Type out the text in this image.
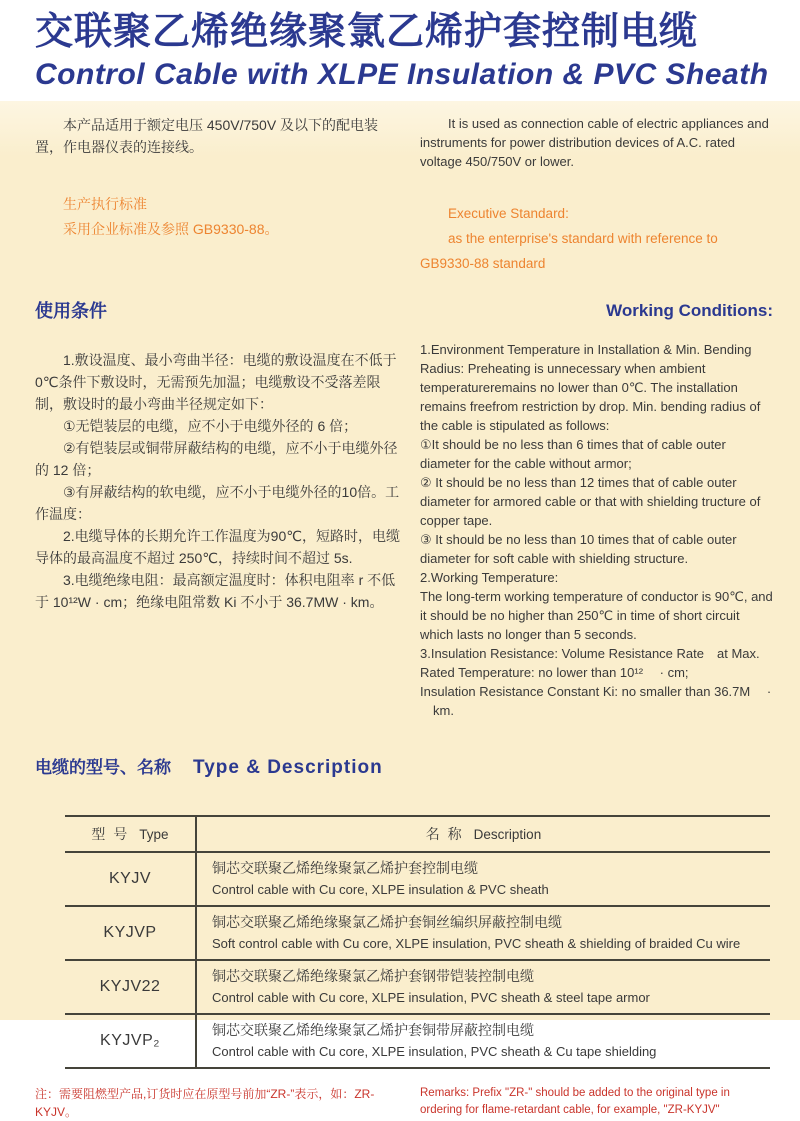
交联聚乙烯绝缘聚氯乙烯护套控制电缆
Control Cable with XLPE Insulation & PVC Sheath

本产品适用于额定电压 450V/750V 及以下的配电装置，作电器仪表的连接线。

生产执行标准

采用企业标准及参照 GB9330-88。

It is used as connection cable of electric appliances and instruments for power distribution devices of A.C. rated voltage 450/750V or lower.

Executive Standard:

as the enterprise's standard with reference to GB9330-88 standard

使用条件

1.敷设温度、最小弯曲半径：电缆的敷设温度在不低于0℃条件下敷设时，无需预先加温；电缆敷设不受落差限制，敷设时的最小弯曲半径规定如下：

①无铠装层的电缆，应不小于电缆外径的 6 倍；

②有铠装层或铜带屏蔽结构的电缆，应不小于电缆外径的 12 倍；

③有屏蔽结构的软电缆，应不小于电缆外径的10倍。工作温度：

2.电缆导体的长期允许工作温度为90℃，短路时，电缆导体的最高温度不超过 250℃，持续时间不超过 5s.

3.电缆绝缘电阻：最高额定温度时：体积电阻率 r 不低于 10¹²W · cm；绝缘电阻常数 Ki 不小于 36.7MW · km。

Working Conditions:

1.Environment Temperature in Installation & Min. Bending Radius: Preheating is unnecessary when ambient temperatureremains no lower than 0℃. The installation remains freefrom restriction by drop. Min. bending radius of the cable is stipulated as follows:

①It should be no less than 6 times that of cable outer diameter for the cable without armor;

② It should be no less than 12 times that of cable outer diameter for armored cable or that with shielding tructure of copper tape.

③ It should be no less than 10 times that of cable outer diameter for soft cable with shielding structure.

2.Working Temperature:

The long-term working temperature of conductor is 90℃, and it should be no higher than 250℃ in time of short circuit which lasts no longer than 5 seconds.

3.Insulation Resistance: Volume Resistance Rate　at Max. Rated Temperature: no lower than 10¹²　 · cm;

Insulation Resistance Constant Ki: no smaller than 36.7M　 · 　km.

电缆的型号、名称 Type & Description
型 号 Type	名 称 Description
KYJV
铜芯交联聚乙烯绝缘聚氯乙烯护套控制电缆
Control cable with Cu core, XLPE insulation & PVC sheath
KYJVP
铜芯交联聚乙烯绝缘聚氯乙烯护套铜丝编织屏蔽控制电缆
Soft control cable with Cu core, XLPE insulation, PVC sheath & shielding of braided Cu wire
KYJV22
铜芯交联聚乙烯绝缘聚氯乙烯护套钢带铠装控制电缆
Control cable with Cu core, XLPE insulation, PVC sheath & steel tape armor
KYJVP₂
铜芯交联聚乙烯绝缘聚氯乙烯护套铜带屏蔽控制电缆
Control cable with Cu core, XLPE insulation, PVC sheath & Cu tape shielding

注：需要阻燃型产品,订货时应在原型号前加“ZR-”表示，如：ZR-KYJV。

Remarks: Prefix "ZR-" should be added to the original type in ordering for flame-retardant cable, for example, "ZR-KYJV"
